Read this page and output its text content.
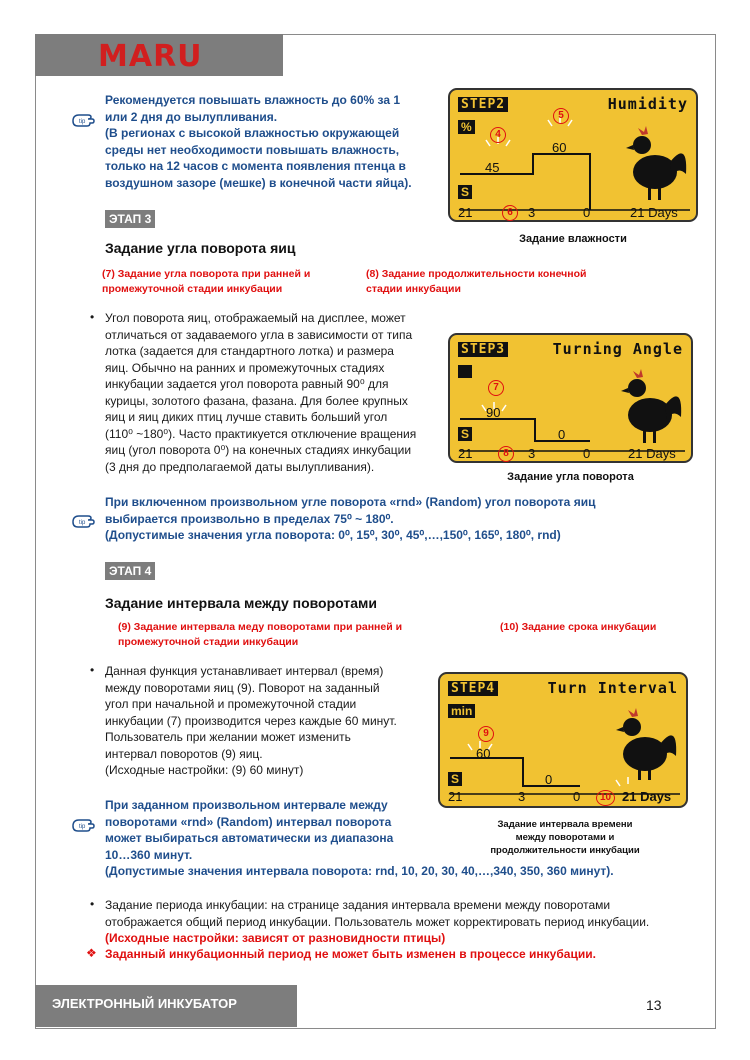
MARU
tip
Рекомендуется повышать влажность до 60% за 1
или 2 дня до вылупливания.
(В регионах с высокой влажностью окружающей
среды нет необходимости повышать влажность,
только на 12 часов с момента появления птенца в
воздушном зазоре (мешке) в конечной части яйца).
STEP2	Humidity
%
S
45
60
4
5
6
21	3	0	21 Days
Задание влажности
ЭТАП 3
Задание угла поворота яиц
(7) Задание угла поворота при ранней и
промежуточной стадии инкубации
(8) Задание продолжительности конечной
стадии инкубации
• Угол поворота яиц, отображаемый на дисплее, может
отличаться от задаваемого угла в зависимости от типа
лотка (задается для стандартного лотка) и размера
яиц. Обычно на ранних и промежуточных стадиях
инкубации задается угол поворота равный 90⁰ для
курицы, золотого фазана, фазана. Для более крупных
яиц и яиц диких птиц лучше ставить больший угол
(110⁰ ~180⁰). Часто практикуется отключение вращения
яиц (угол поворота 0⁰) на конечных стадиях инкубации
(3 дня до предполагаемой даты вылупливания).
STEP3	Turning Angle
S
90
0
7
8
21	3	0	21 Days
Задание угла поворота
tip
При включенном произвольном угле поворота «rnd» (Random) угол поворота яиц
выбирается произвольно в пределах 75⁰ ~ 180⁰.
(Допустимые значения угла поворота: 0⁰, 15⁰, 30⁰, 45⁰,…,150⁰, 165⁰, 180⁰, rnd)
ЭТАП 4
Задание интервала между поворотами
(9) Задание интервала меду поворотами при ранней и
промежуточной стадии инкубации
(10) Задание срока инкубации
• Данная функция устанавливает интервал (время)
между поворотами яиц (9). Поворот на заданный
угол при начальной и промежуточной стадии
инкубации (7) производится через каждые 60 минут.
Пользователь при желании может изменить
интервал поворотов (9) яиц.
(Исходные настройки: (9) 60 минут)
STEP4	Turn Interval
min
S
60
0
9
10
21	3	0	21 Days
Задание интервала времени
между поворотами и
продолжительности инкубации
tip
При заданном произвольном интервале между
поворотами «rnd» (Random) интервал поворота
может выбираться автоматически из диапазона
10…360 минут.
(Допустимые значения интервала поворота: rnd, 10, 20, 30, 40,…,340, 350, 360 минут).
• Задание периода инкубации: на странице задания интервала времени между поворотами
отображается общий период инкубации. Пользователь может корректировать период инкубации.
(Исходные настройки: зависят от разновидности птицы)
❖ Заданный инкубационный период не может быть изменен в процессе инкубации.
ЭЛЕКТРОННЫЙ ИНКУБАТОР	13
